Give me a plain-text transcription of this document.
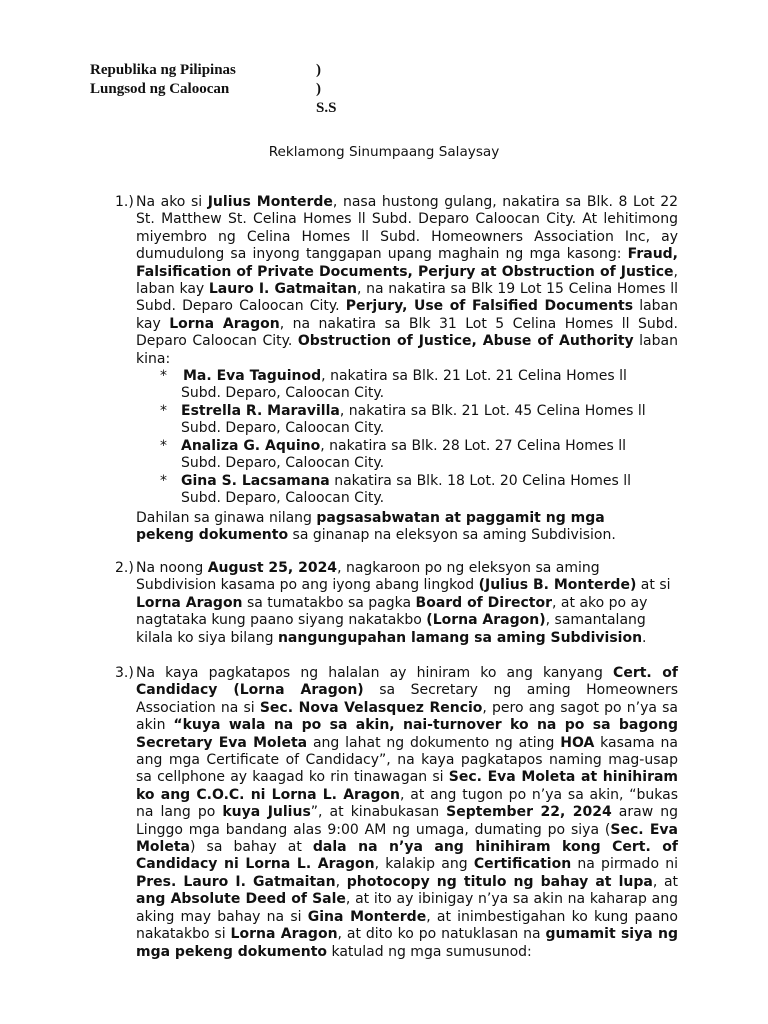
Republika ng Pilipinas	)
Lungsod ng Caloocan	) S.S
Reklamong Sinumpaang Salaysay
1.) Na ako si Julius Monterde, nasa hustong gulang, nakatira sa Blk. 8 Lot 22 St. Matthew St. Celina Homes ll Subd. Deparo Caloocan City. At lehitimong miyembro ng Celina Homes ll Subd. Homeowners Association Inc, ay dumudulong sa inyong tanggapan upang maghain ng mga kasong: Fraud, Falsification of Private Documents, Perjury at Obstruction of Justice, laban kay Lauro I. Gatmaitan, na nakatira sa Blk 19 Lot 15 Celina Homes ll Subd. Deparo Caloocan City. Perjury, Use of Falsified Documents laban kay Lorna Aragon, na nakatira sa Blk 31 Lot 5 Celina Homes ll Subd. Deparo Caloocan City. Obstruction of Justice, Abuse of Authority laban kina:
* Ma. Eva Taguinod, nakatira sa Blk. 21 Lot. 21 Celina Homes ll Subd. Deparo, Caloocan City.
* Estrella R. Maravilla, nakatira sa Blk. 21 Lot. 45 Celina Homes ll Subd. Deparo, Caloocan City.
* Analiza G. Aquino, nakatira sa Blk. 28 Lot. 27 Celina Homes ll Subd. Deparo, Caloocan City.
* Gina S. Lacsamana nakatira sa Blk. 18 Lot. 20 Celina Homes ll Subd. Deparo, Caloocan City.
Dahilan sa ginawa nilang pagsasabwatan at paggamit ng mga pekeng dokumento sa ginanap na eleksyon sa aming Subdivision.
2.) Na noong August 25, 2024, nagkaroon po ng eleksyon sa aming Subdivision kasama po ang iyong abang lingkod (Julius B. Monterde) at si Lorna Aragon sa tumatakbo sa pagka Board of Director, at ako po ay nagtataka kung paano siyang nakatakbo (Lorna Aragon), samantalang kilala ko siya bilang nangungupahan lamang sa aming Subdivision.
3.) Na kaya pagkatapos ng halalan ay hiniram ko ang kanyang Cert. of Candidacy (Lorna Aragon) sa Secretary ng aming Homeowners Association na si Sec. Nova Velasquez Rencio, pero ang sagot po n’ya sa akin “kuya wala na po sa akin, nai-turnover ko na po sa bagong Secretary Eva Moleta ang lahat ng dokumento ng ating HOA kasama na ang mga Certificate of Candidacy”, na kaya pagkatapos naming mag-usap sa cellphone ay kaagad ko rin tinawagan si Sec. Eva Moleta at hinihiram ko ang C.O.C. ni Lorna L. Aragon, at ang tugon po n’ya sa akin, “bukas na lang po kuya Julius”, at kinabukasan September 22, 2024 araw ng Linggo mga bandang alas 9:00 AM ng umaga, dumating po siya (Sec. Eva Moleta) sa bahay at dala na n’ya ang hinihiram kong Cert. of Candidacy ni Lorna L. Aragon, kalakip ang Certification na pirmado ni Pres. Lauro I. Gatmaitan, photocopy ng titulo ng bahay at lupa, at ang Absolute Deed of Sale, at ito ay ibinigay n’ya sa akin na kaharap ang aking may bahay na si Gina Monterde, at inimbestigahan ko kung paano nakatakbo si Lorna Aragon, at dito ko po natuklasan na gumamit siya ng mga pekeng dokumento katulad ng mga sumusunod:
